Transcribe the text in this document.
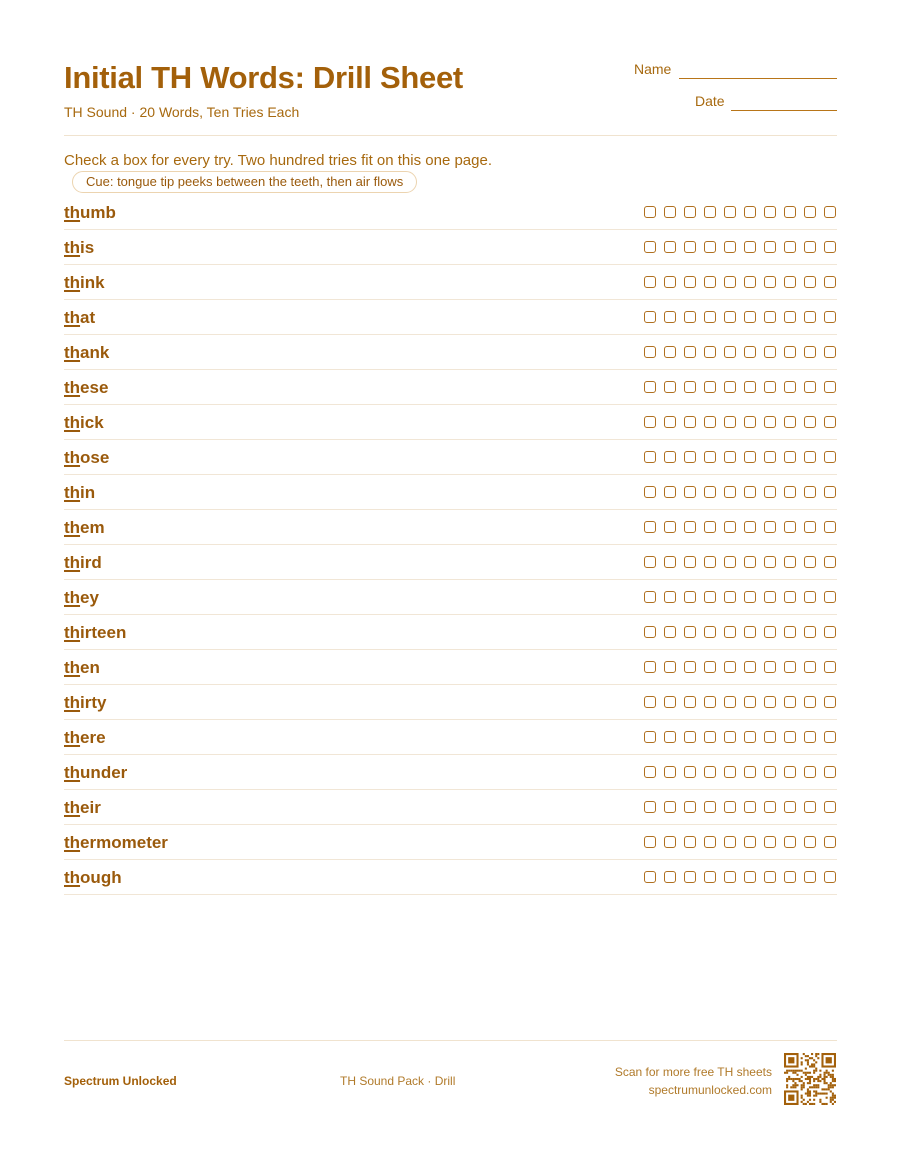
Initial TH Words: Drill Sheet
TH Sound · 20 Words, Ten Tries Each
Name
Date
Check a box for every try. Two hundred tries fit on this one page. Cue: tongue tip peeks between the teeth, then air flows
thumb
this
think
that
thank
these
thick
those
thin
them
third
they
thirteen
then
thirty
there
thunder
their
thermometer
though
Spectrum Unlocked	TH Sound Pack · Drill
Scan for more free TH sheets
spectrumunlocked.com
